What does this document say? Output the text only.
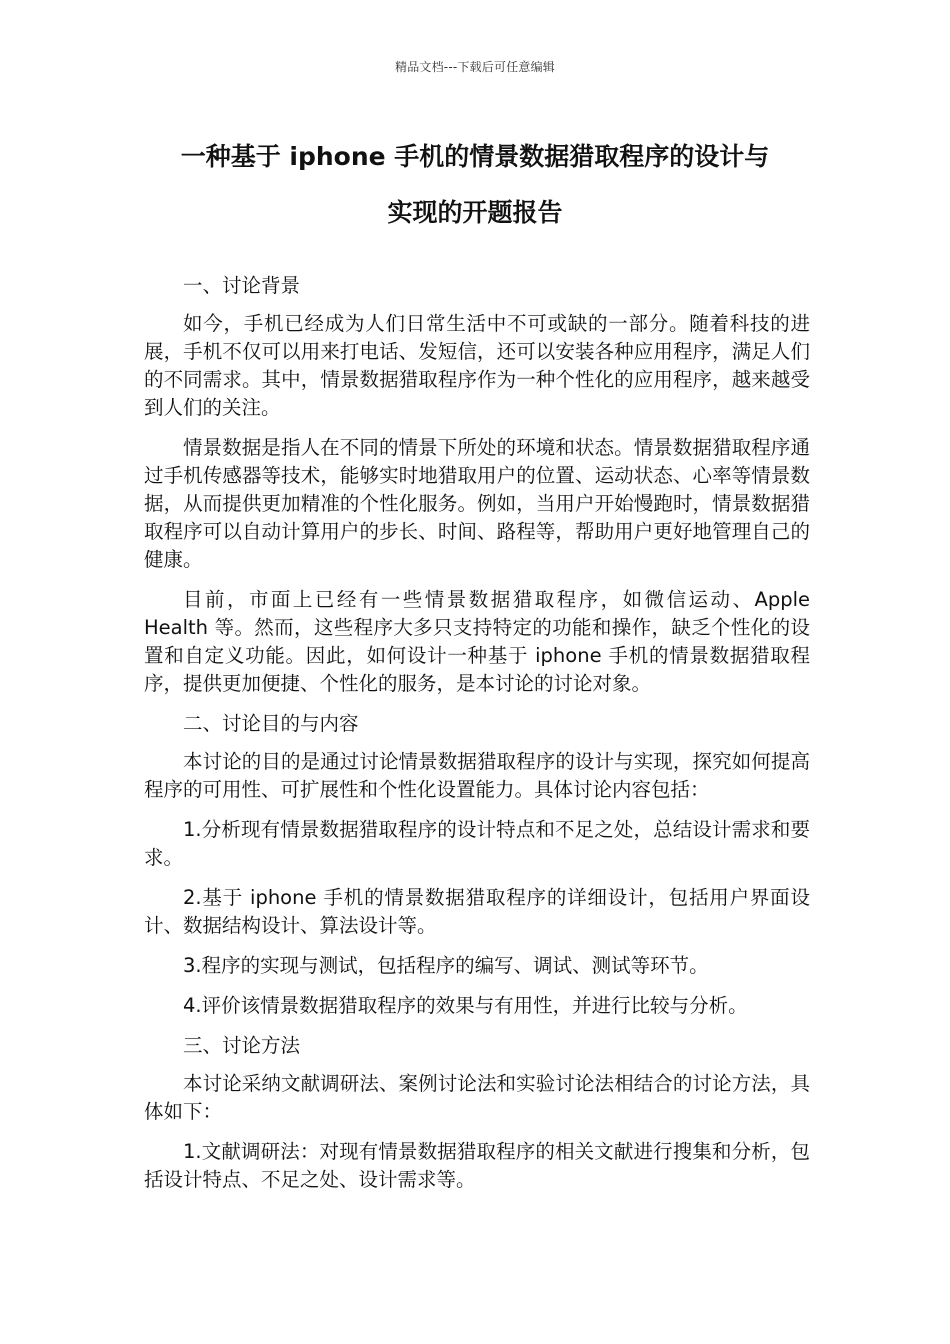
精品文档---下载后可任意编辑
一种基于 iphone 手机的情景数据猎取程序的设计与
实现的开题报告

一、讨论背景

如今，手机已经成为人们日常生活中不可或缺的一部分。随着科技的进展，手机不仅可以用来打电话、发短信，还可以安装各种应用程序，满足人们的不同需求。其中，情景数据猎取程序作为一种个性化的应用程序，越来越受到人们的关注。

情景数据是指人在不同的情景下所处的环境和状态。情景数据猎取程序通过手机传感器等技术，能够实时地猎取用户的位置、运动状态、心率等情景数据，从而提供更加精准的个性化服务。例如，当用户开始慢跑时，情景数据猎取程序可以自动计算用户的步长、时间、路程等，帮助用户更好地管理自己的健康。

目前，市面上已经有一些情景数据猎取程序，如微信运动、Apple Health 等。然而，这些程序大多只支持特定的功能和操作，缺乏个性化的设置和自定义功能。因此，如何设计一种基于 iphone 手机的情景数据猎取程序，提供更加便捷、个性化的服务，是本讨论的讨论对象。

二、讨论目的与内容

本讨论的目的是通过讨论情景数据猎取程序的设计与实现，探究如何提高程序的可用性、可扩展性和个性化设置能力。具体讨论内容包括：

1.分析现有情景数据猎取程序的设计特点和不足之处，总结设计需求和要求。

2.基于 iphone 手机的情景数据猎取程序的详细设计，包括用户界面设计、数据结构设计、算法设计等。

3.程序的实现与测试，包括程序的编写、调试、测试等环节。

4.评价该情景数据猎取程序的效果与有用性，并进行比较与分析。

三、讨论方法

本讨论采纳文献调研法、案例讨论法和实验讨论法相结合的讨论方法，具体如下：

1.文献调研法：对现有情景数据猎取程序的相关文献进行搜集和分析，包括设计特点、不足之处、设计需求等。
